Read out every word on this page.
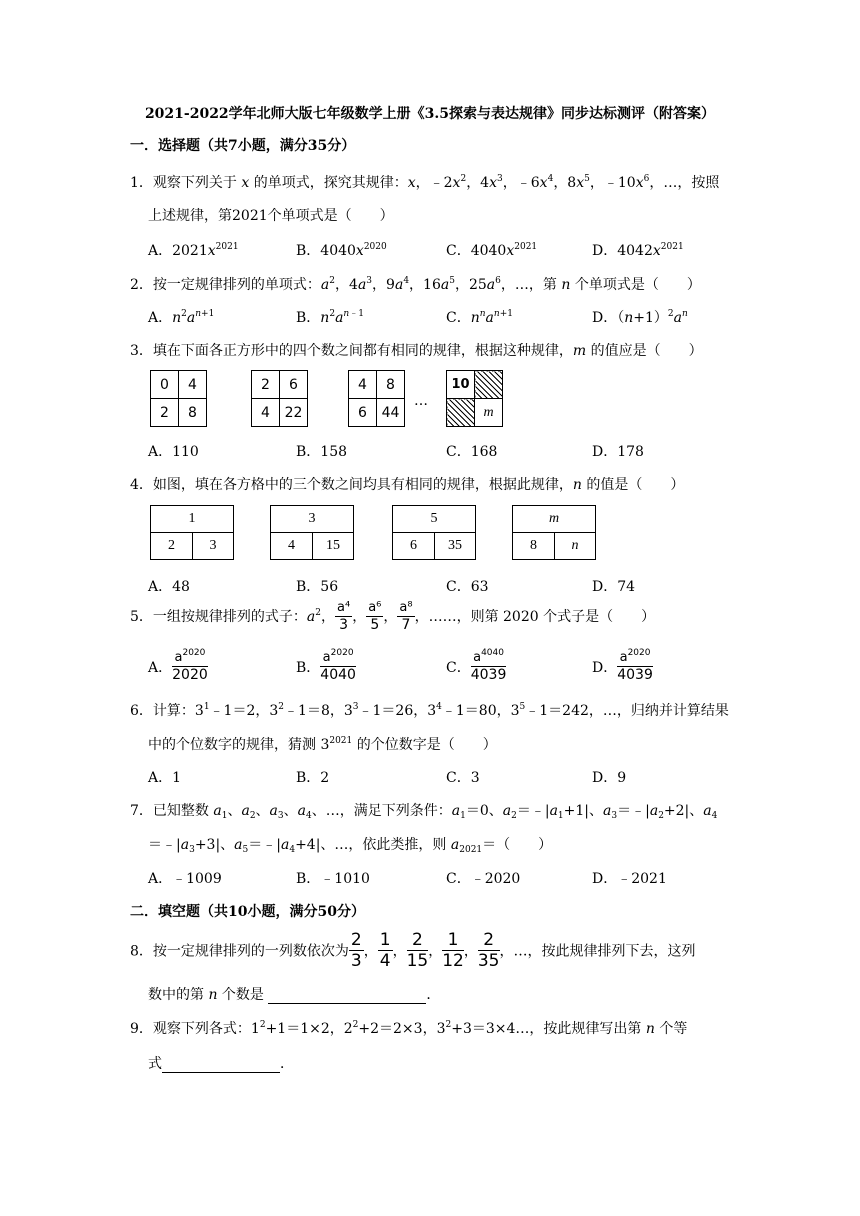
2021-2022学年北师大版七年级数学上册《3.5探索与表达规律》同步达标测评（附答案）
一．选择题（共7小题，满分35分）
1．观察下列关于 x 的单项式，探究其规律：x，$﹣2x^2$，$4x^3$，$﹣6x^4$，$8x^5$，$﹣10x^6$，…，按照
上述规律，第2021个单项式是（　　）
A．$2021x^{2021}$	B．$4040x^{2020}$	C．$4040x^{2021}$	D．$4042x^{2021}$
2．按一定规律排列的单项式：$a^2$，$4a^3$，$9a^4$，$16a^5$，$25a^6$，…，第 n 个单项式是（　　）
A．$n^2a^{n+1}$	B．$n^2a^{n﹣1}$	C．$n^na^{n+1}$	D．$(n+1)^2a^n$
3．填在下面各正方形中的四个数之间都有相同的规律，根据这种规律，m 的值应是（　　）
0	4
2	8
2	6
4	22
4	8
6	44
…
10	
	m
A．110	B．158	C．168	D．178
4．如图，填在各方格中的三个数之间均具有相同的规律，根据此规律，n 的值是（　　）
1
2	3
3
4	15
5
6	35
m
8	n
A．48	B．56	C．63	D．74
5．一组按规律排列的式子：$a^2$， $\frac{\text{a⁴}}{3}$ ， $\frac{\text{a⁶}}{5}$ ， $\frac{\text{a⁸}}{7}$ ，……，则第 2020 个式子是（　　）
A． $\frac{a^{2020}}{2020}$	B． $\frac{a^{2020}}{4040}$	C． $\frac{a^{4040}}{4039}$	D． $\frac{a^{2020}}{4039}$
6．计算：$3^1﹣1=2$，$3^2﹣1=8$，$3^3﹣1=26$，$3^4﹣1=80$，$3^5﹣1=242$，…，归纳并计算结果
中的个位数字的规律，猜测 $3^{2021}$ 的个位数字是（　　）
A．1	B．2	C．3	D．9
7．已知整数 $a_1$、$a_2$、$a_3$、$a_4$、…，满足下列条件：$a_1=0$、$a_2=﹣|a_1+1|$、$a_3=﹣|a_2+2|$、$a_4$
$=﹣|a_3+3|$、$a_5=﹣|a_4+4|$、…，依此类推，则 $a_{2021}=$（　　）
A．﹣1009	B．﹣1010	C．﹣2020	D．﹣2021
二．填空题（共10小题，满分50分）
8．按一定规律排列的一列数依次为 $\frac{2}{3}$ ， $\frac{1}{4}$ ， $\frac{2}{15}$ ， $\frac{1}{12}$ ， $\frac{2}{35}$ ，…，按此规律排列下去，这列
数中的第 n 个数是	．
9．观察下列各式：$1^2+1=1\times 2$，$2^2+2=2\times 3$，$3^2+3=3\times 4\dots$，按此规律写出第 n 个等
式	．
